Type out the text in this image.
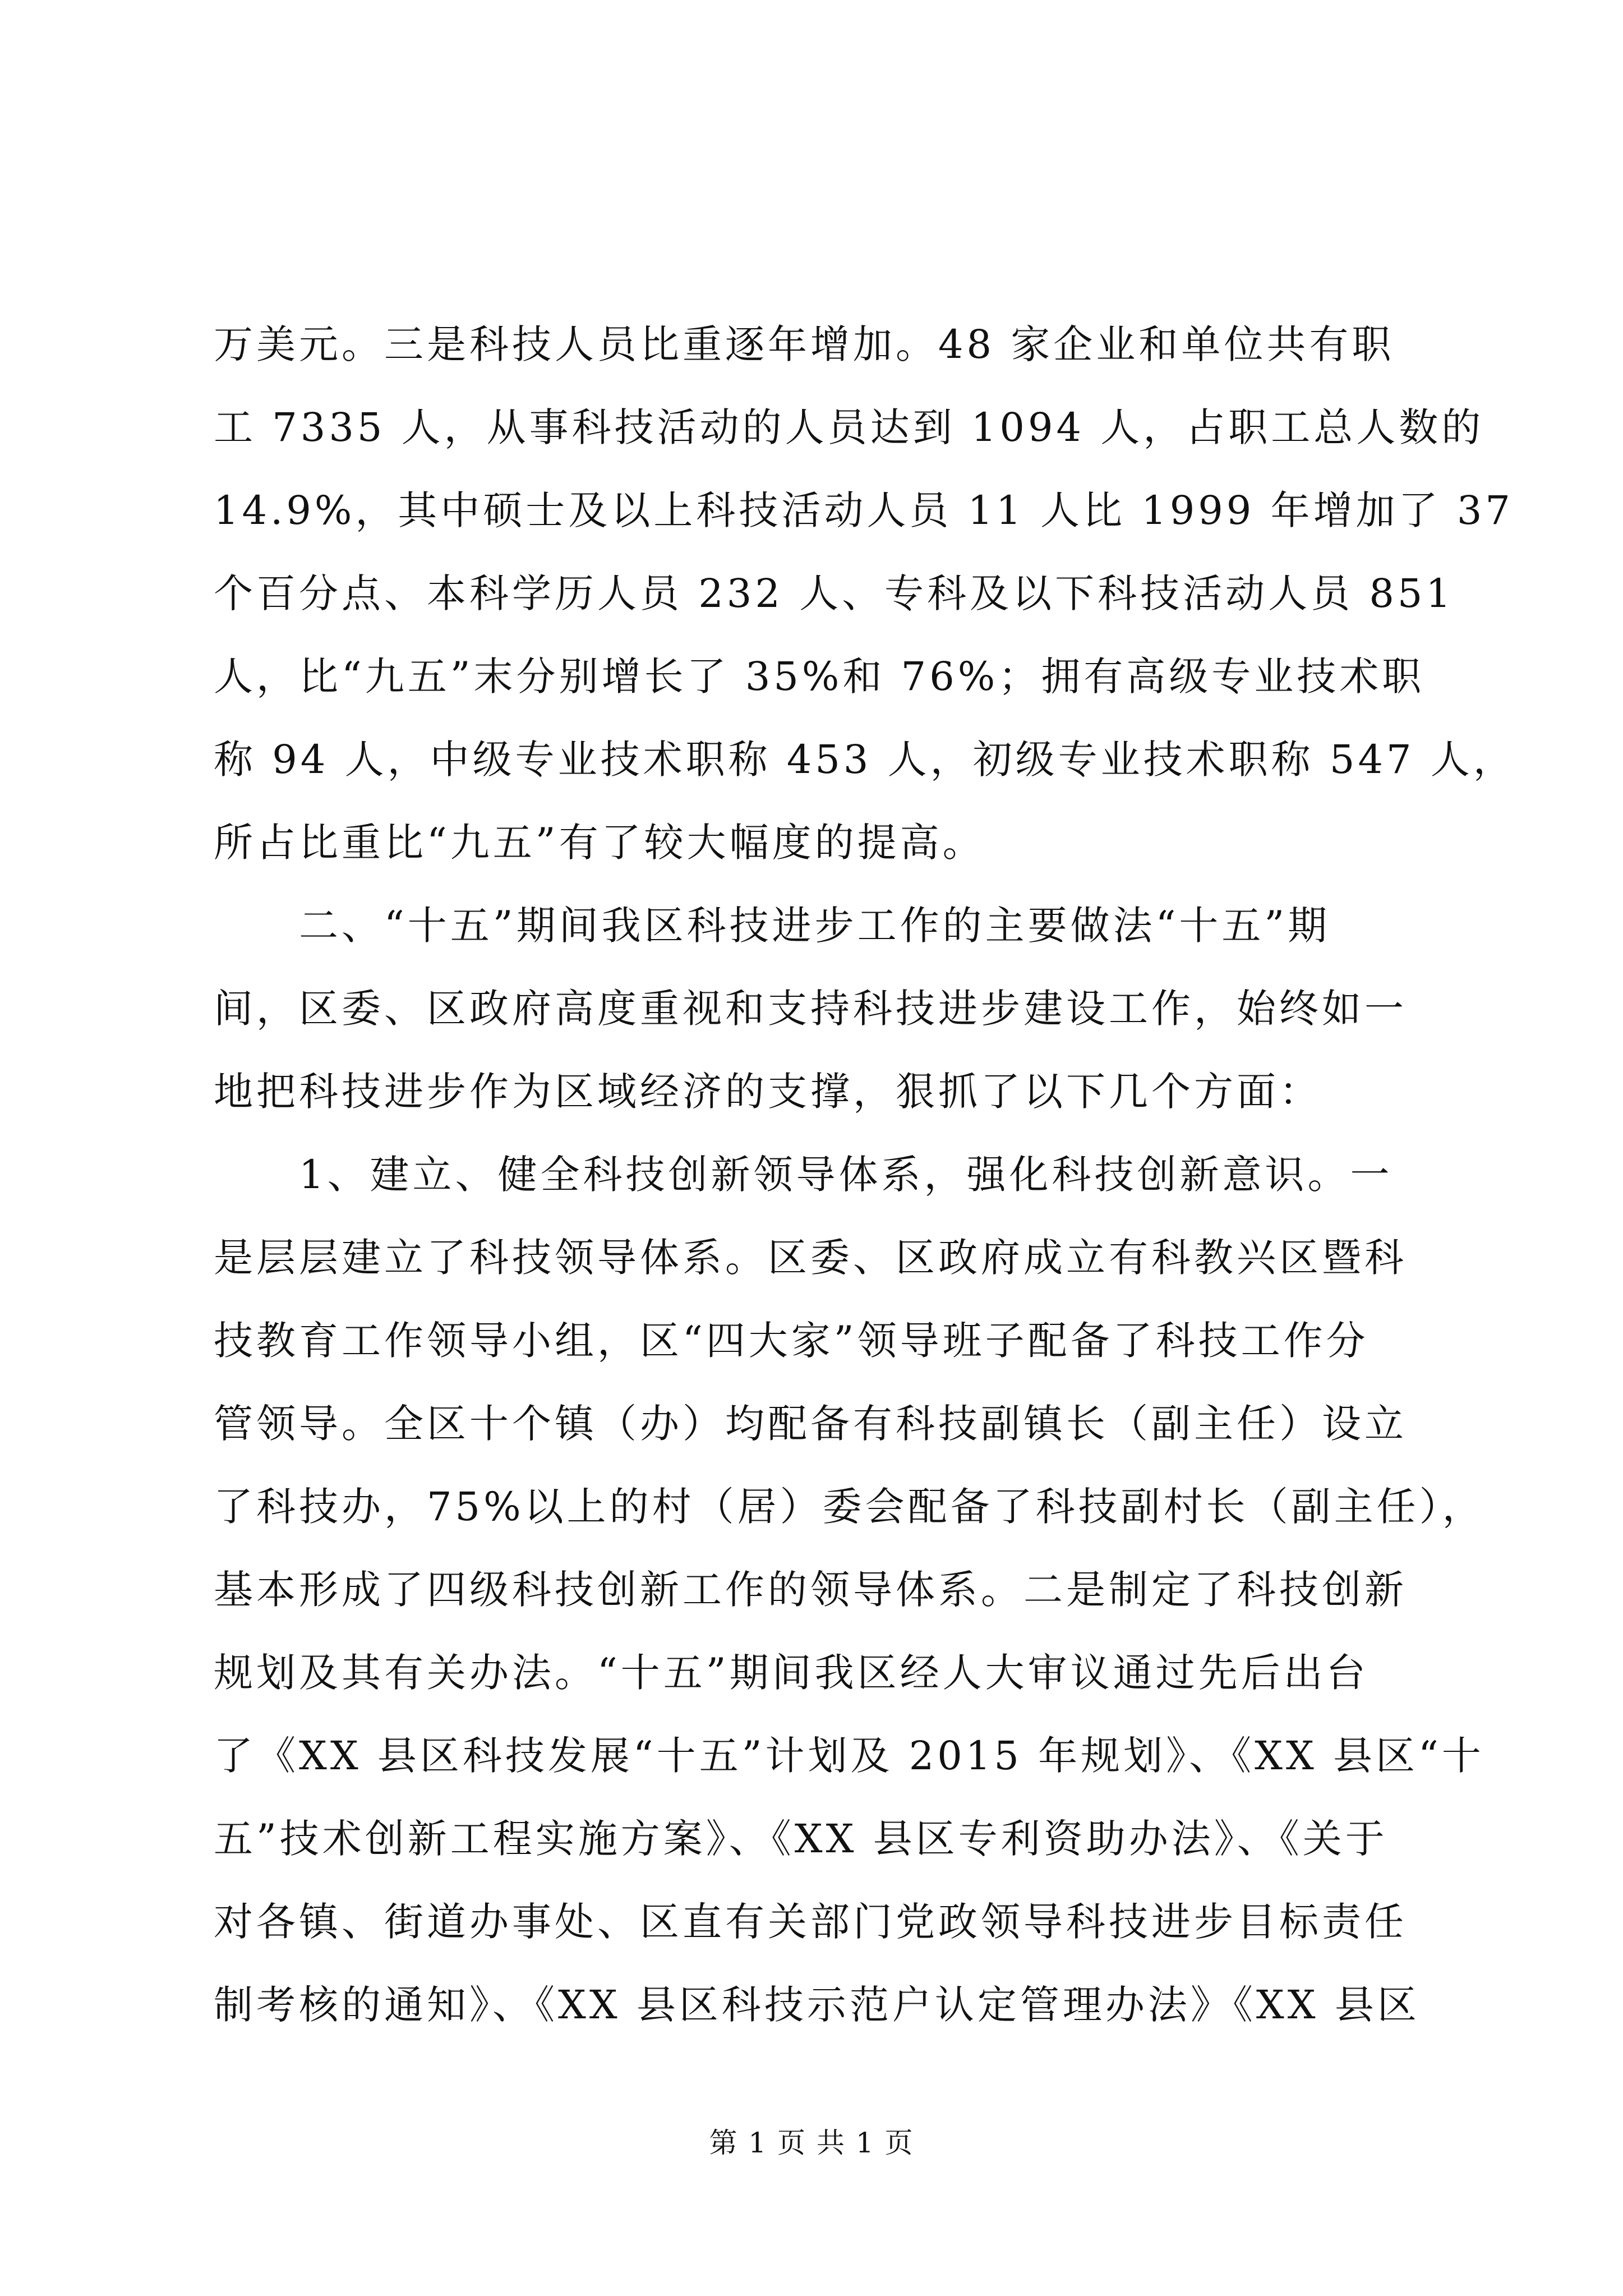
万美元。三是科技人员比重逐年增加。48 家企业和单位共有职
工 7335 人，从事科技活动的人员达到 1094 人，占职工总人数的
14.9%，其中硕士及以上科技活动人员 11 人比 1999 年增加了 37
个百分点、本科学历人员 232 人、专科及以下科技活动人员 851
人，比“九五”末分别增长了 35%和 76%；拥有高级专业技术职
称 94 人，中级专业技术职称 453 人，初级专业技术职称 547 人，
所占比重比“九五”有了较大幅度的提高。
　　二、“十五”期间我区科技进步工作的主要做法“十五”期
间，区委、区政府高度重视和支持科技进步建设工作，始终如一
地把科技进步作为区域经济的支撑，狠抓了以下几个方面：
　　1、建立、健全科技创新领导体系，强化科技创新意识。一
是层层建立了科技领导体系。区委、区政府成立有科教兴区暨科
技教育工作领导小组，区“四大家”领导班子配备了科技工作分
管领导。全区十个镇（办）均配备有科技副镇长（副主任）设立
了科技办，75%以上的村（居）委会配备了科技副村长（副主任），
基本形成了四级科技创新工作的领导体系。二是制定了科技创新
规划及其有关办法。“十五”期间我区经人大审议通过先后出台
了《XX 县区科技发展“十五”计划及 2015 年规划》、《XX 县区“十
五”技术创新工程实施方案》、《XX 县区专利资助办法》、《关于
对各镇、街道办事处、区直有关部门党政领导科技进步目标责任
制考核的通知》、《XX 县区科技示范户认定管理办法》《XX 县区
第 1 页 共 1 页
